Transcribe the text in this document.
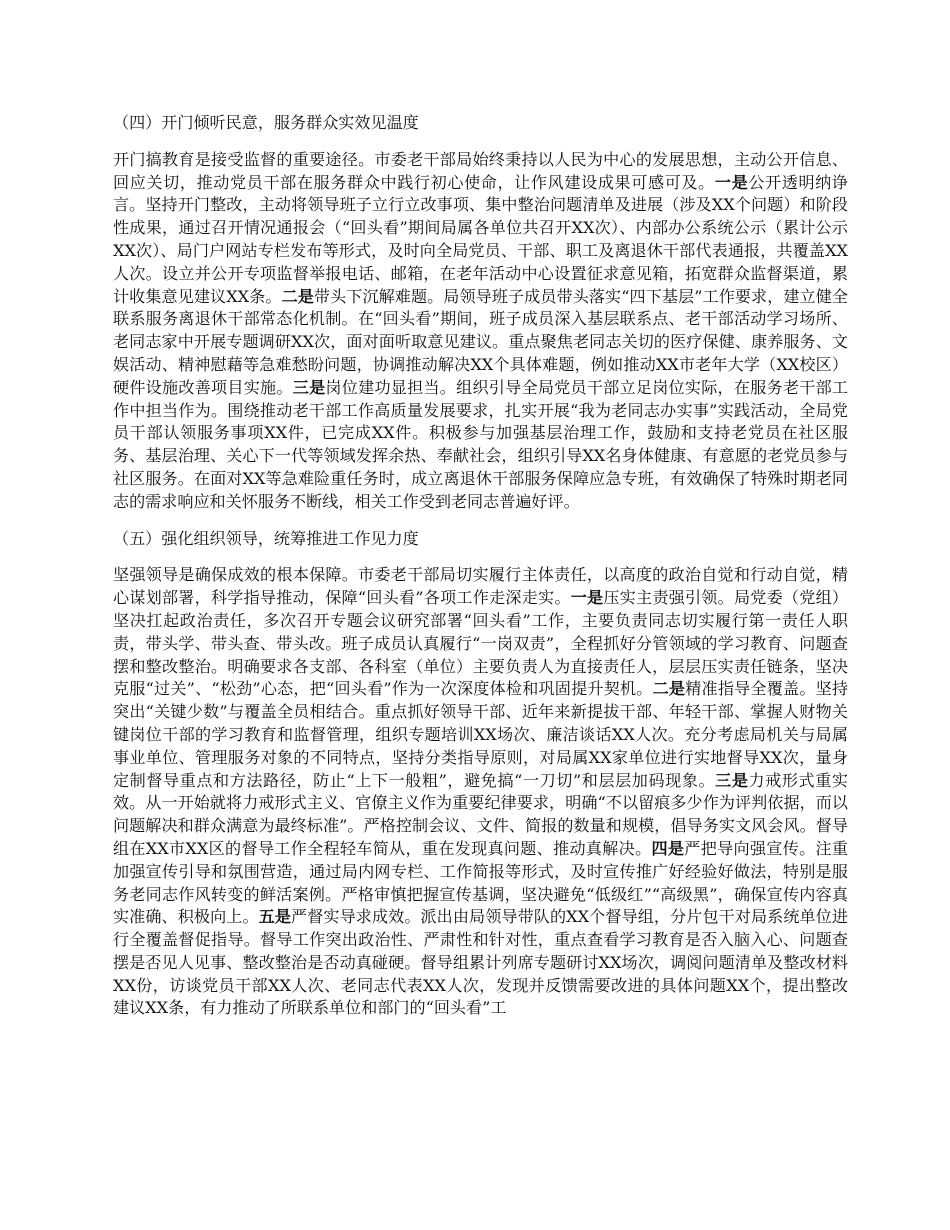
（四）开门倾听民意，服务群众实效见温度

开门搞教育是接受监督的重要途径。市委老干部局始终秉持以人民为中心的发展思想，主动公开信息、回应关切，推动党员干部在服务群众中践行初心使命，让作风建设成果可感可及。一是公开透明纳诤言。坚持开门整改，主动将领导班子立行立改事项、集中整治问题清单及进展（涉及XX个问题）和阶段性成果，通过召开情况通报会（“回头看”期间局属各单位共召开XX次）、内部办公系统公示（累计公示XX次）、局门户网站专栏发布等形式，及时向全局党员、干部、职工及离退休干部代表通报，共覆盖XX人次。设立并公开专项监督举报电话、邮箱，在老年活动中心设置征求意见箱，拓宽群众监督渠道，累计收集意见建议XX条。二是带头下沉解难题。局领导班子成员带头落实“四下基层”工作要求，建立健全联系服务离退休干部常态化机制。在“回头看”期间，班子成员深入基层联系点、老干部活动学习场所、老同志家中开展专题调研XX次，面对面听取意见建议。重点聚焦老同志关切的医疗保健、康养服务、文娱活动、精神慰藉等急难愁盼问题，协调推动解决XX个具体难题，例如推动XX市老年大学（XX校区）硬件设施改善项目实施。三是岗位建功显担当。组织引导全局党员干部立足岗位实际，在服务老干部工作中担当作为。围绕推动老干部工作高质量发展要求，扎实开展“我为老同志办实事”实践活动，全局党员干部认领服务事项XX件，已完成XX件。积极参与加强基层治理工作，鼓励和支持老党员在社区服务、基层治理、关心下一代等领域发挥余热、奉献社会，组织引导XX名身体健康、有意愿的老党员参与社区服务。在面对XX等急难险重任务时，成立离退休干部服务保障应急专班，有效确保了特殊时期老同志的需求响应和关怀服务不断线，相关工作受到老同志普遍好评。

（五）强化组织领导，统筹推进工作见力度

坚强领导是确保成效的根本保障。市委老干部局切实履行主体责任，以高度的政治自觉和行动自觉，精心谋划部署，科学指导推动，保障“回头看”各项工作走深走实。一是压实主责强引领。局党委（党组）坚决扛起政治责任，多次召开专题会议研究部署“回头看”工作，主要负责同志切实履行第一责任人职责，带头学、带头查、带头改。班子成员认真履行“一岗双责”，全程抓好分管领域的学习教育、问题查摆和整改整治。明确要求各支部、各科室（单位）主要负责人为直接责任人，层层压实责任链条，坚决克服“过关”、“松劲”心态，把“回头看”作为一次深度体检和巩固提升契机。二是精准指导全覆盖。坚持突出“关键少数”与覆盖全员相结合。重点抓好领导干部、近年来新提拔干部、年轻干部、掌握人财物关键岗位干部的学习教育和监督管理，组织专题培训XX场次、廉洁谈话XX人次。充分考虑局机关与局属事业单位、管理服务对象的不同特点，坚持分类指导原则，对局属XX家单位进行实地督导XX次，量身定制督导重点和方法路径，防止“上下一般粗”，避免搞“一刀切”和层层加码现象。三是力戒形式重实效。从一开始就将力戒形式主义、官僚主义作为重要纪律要求，明确“不以留痕多少作为评判依据，而以问题解决和群众满意为最终标准”。严格控制会议、文件、简报的数量和规模，倡导务实文风会风。督导组在XX市XX区的督导工作全程轻车简从，重在发现真问题、推动真解决。四是严把导向强宣传。注重加强宣传引导和氛围营造，通过局内网专栏、工作简报等形式，及时宣传推广好经验好做法，特别是服务老同志作风转变的鲜活案例。严格审慎把握宣传基调，坚决避免“低级红”“高级黑”，确保宣传内容真实准确、积极向上。五是严督实导求成效。派出由局领导带队的XX个督导组，分片包干对局系统单位进行全覆盖督促指导。督导工作突出政治性、严肃性和针对性，重点查看学习教育是否入脑入心、问题查摆是否见人见事、整改整治是否动真碰硬。督导组累计列席专题研讨XX场次，调阅问题清单及整改材料XX份，访谈党员干部XX人次、老同志代表XX人次，发现并反馈需要改进的具体问题XX个，提出整改建议XX条，有力推动了所联系单位和部门的“回头看”工
